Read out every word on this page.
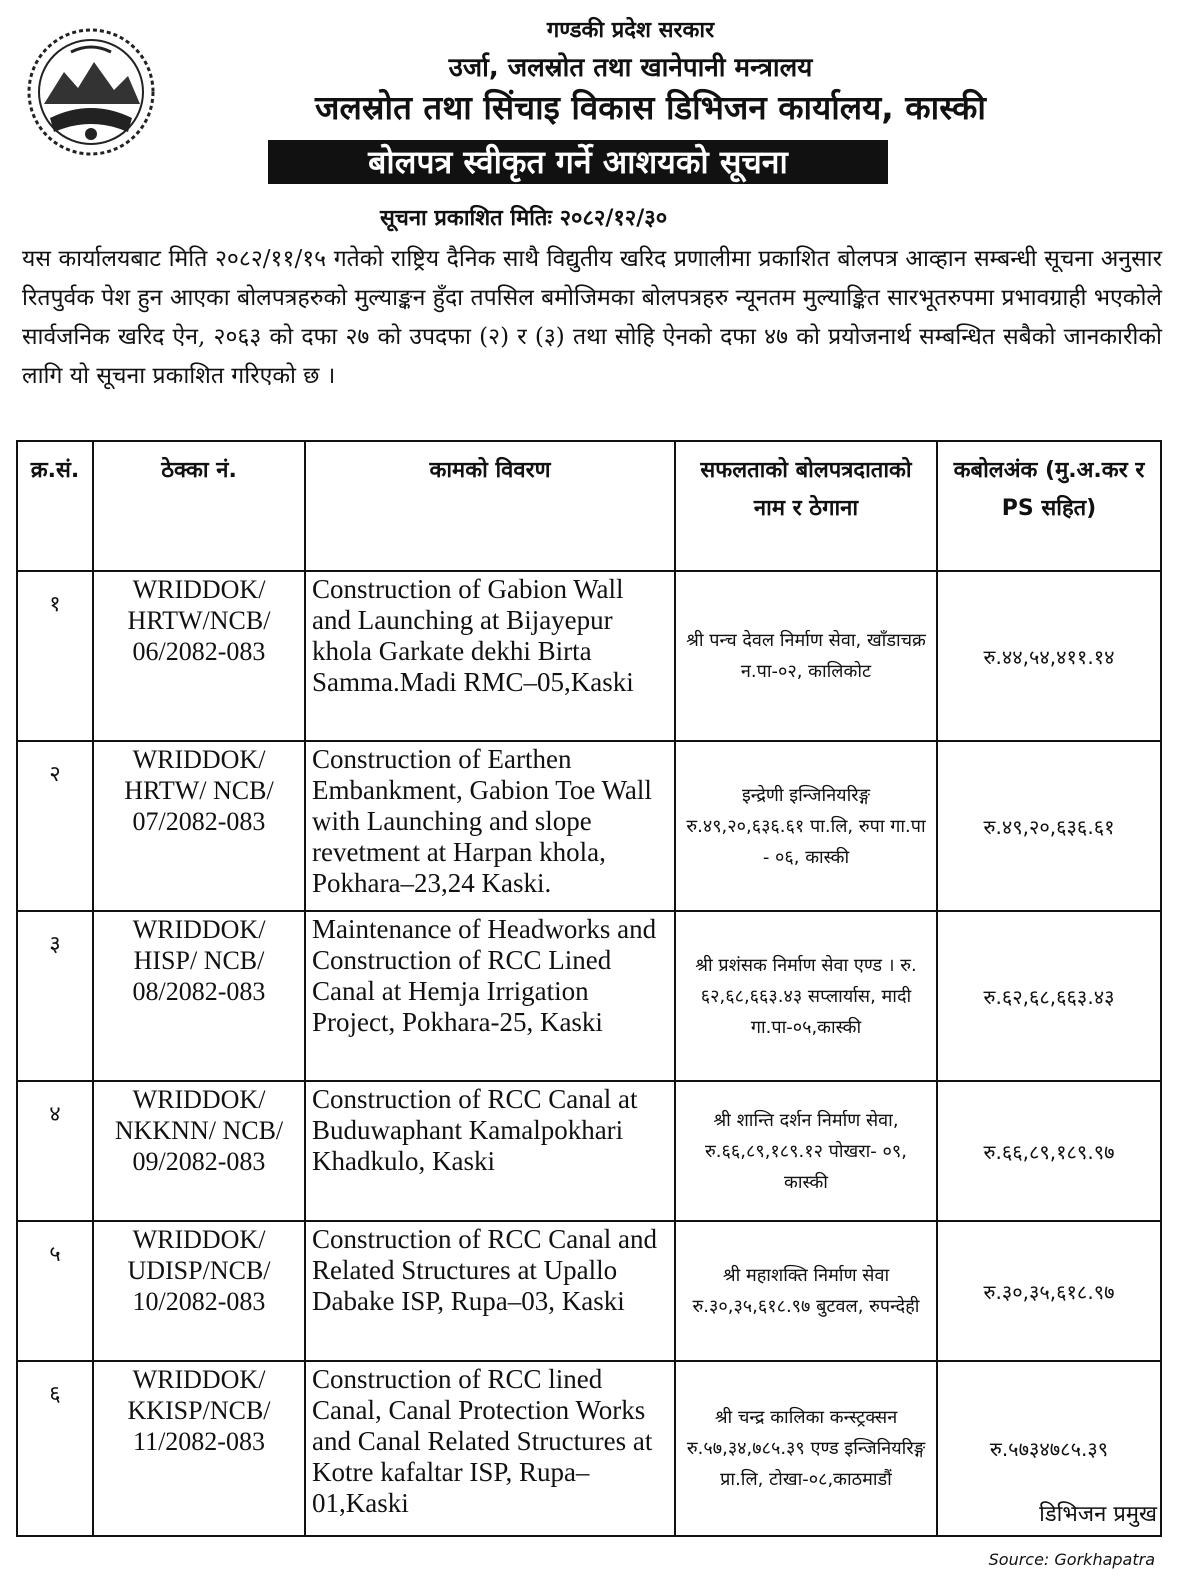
गण्डकी प्रदेश सरकार
उर्जा, जलस्रोत तथा खानेपानी मन्त्रालय
जलस्रोत तथा सिंचाइ विकास डिभिजन कार्यालय, कास्की
बोलपत्र स्वीकृत गर्ने आशयको सूचना
सूचना प्रकाशित मितिः २०८२/१२/३०
यस कार्यालयबाट मिति २०८२/११/१५ गतेको राष्ट्रिय दैनिक साथै विद्युतीय खरिद प्रणालीमा प्रकाशित बोलपत्र आव्हान सम्बन्धी सूचना अनुसार रितपुर्वक पेश हुन आएका बोलपत्रहरुको मुल्याङ्कन हुँदा तपसिल बमोजिमका बोलपत्रहरु न्यूनतम मुल्याङ्कित सारभूतरुपमा प्रभावग्राही भएकोले सार्वजनिक खरिद ऐन, २०६३ को दफा २७ को उपदफा (२) र (३) तथा सोहि ऐनको दफा ४७ को प्रयोजनार्थ सम्बन्धित सबैको जानकारीको लागि यो सूचना प्रकाशित गरिएको छ ।
क्र.सं.	ठेक्का नं.	कामको विवरण	सफलताको बोलपत्रदाताको नाम र ठेगाना	कबोलअंक (मु.अ.कर र PS सहित)
१	WRIDDOK/ HRTW/NCB/ 06/2082-083	Construction of Gabion Wall and Launching at Bijayepur khola Garkate dekhi Birta Samma.Madi RMC–05,Kaski	श्री पन्च देवल निर्माण सेवा, खाँडाचक्र न.पा-०२, कालिकोट	रु.४४,५४,४११.१४
२	WRIDDOK/ HRTW/ NCB/ 07/2082-083	Construction of Earthen Embankment, Gabion Toe Wall with Launching and slope revetment at Harpan khola, Pokhara–23,24 Kaski.	इन्द्रेणी इन्जिनियरिङ्ग रु.४९,२०,६३६.६१ पा.लि, रुपा गा.पा - ०६, कास्की	रु.४९,२०,६३६.६१
३	WRIDDOK/ HISP/ NCB/ 08/2082-083	Maintenance of Headworks and Construction of RCC Lined Canal at Hemja Irrigation Project, Pokhara-25, Kaski	श्री प्रशंसक निर्माण सेवा एण्ड । रु. ६२,६८,६६३.४३ सप्लार्यास, मादी गा.पा-०५,कास्की	रु.६२,६८,६६३.४३
४	WRIDDOK/ NKKNN/ NCB/ 09/2082-083	Construction of RCC Canal at Buduwaphant Kamalpokhari Khadkulo, Kaski	श्री शान्ति दर्शन निर्माण सेवा, रु.६६,८९,१८९.१२ पोखरा- ०९, कास्की	रु.६६,८९,१८९.९७
५	WRIDDOK/ UDISP/NCB/ 10/2082-083	Construction of RCC Canal and Related Structures at Upallo Dabake ISP, Rupa–03, Kaski	श्री महाशक्ति निर्माण सेवा रु.३०,३५,६१८.९७ बुटवल, रुपन्देही	रु.३०,३५,६१८.९७
६	WRIDDOK/ KKISP/NCB/ 11/2082-083	Construction of RCC lined Canal, Canal Protection Works and Canal Related Structures at Kotre kafaltar ISP, Rupa– 01,Kaski	श्री चन्द्र कालिका कन्स्ट्रक्सन रु.५७,३४,७८५.३९ एण्ड इन्जिनियरिङ्ग प्रा.लि, टोखा-०८,काठमाडौं	रु.५७३४७८५.३९
डिभिजन प्रमुख
Source: Gorkhapatra
